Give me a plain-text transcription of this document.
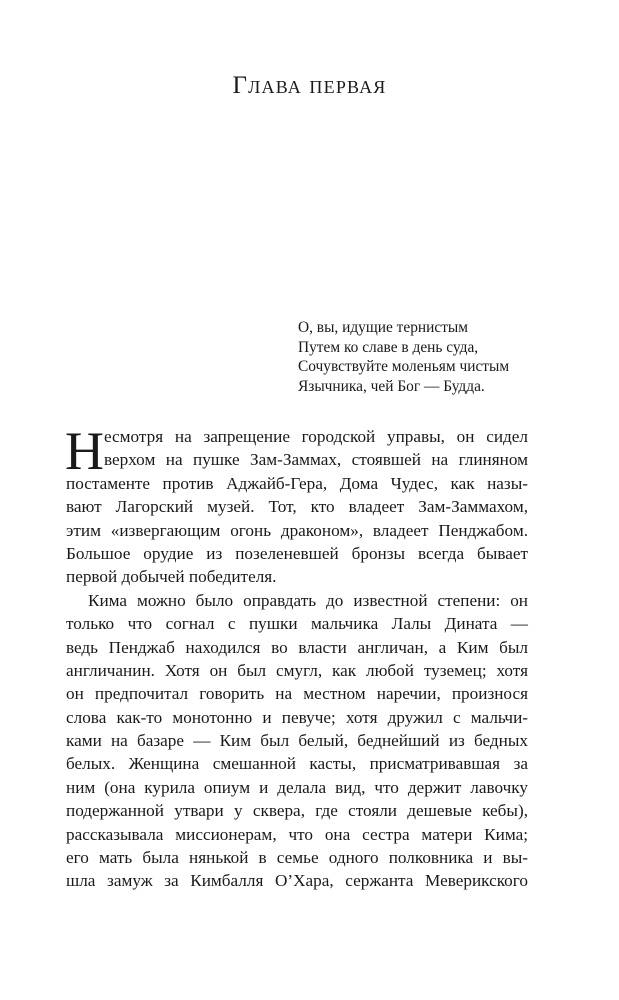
Глава первая
О, вы, идущие тернистым
Путем ко славе в день суда,
Сочувствуйте моленьям чистым
Язычника, чей Бог — Будда.
Н есмотря на запрещение городской управы, он сидел
верхом на пушке Зам-Заммах, стоявшей на глиняном
постаменте против Аджайб-Гера, Дома Чудес, как назы-
вают Лагорский музей. Тот, кто владеет Зам-Заммахом,
этим «извергающим огонь драконом», владеет Пенджабом.
Большое орудие из позеленевшей бронзы всегда бывает
первой добычей победителя.
Кима можно было оправдать до известной степени: он
только что согнал с пушки мальчика Лалы Дината —
ведь Пенджаб находился во власти англичан, а Ким был
англичанин. Хотя он был смугл, как любой туземец; хотя
он предпочитал говорить на местном наречии, произнося
слова как-то монотонно и певуче; хотя дружил с мальчи-
ками на базаре — Ким был белый, беднейший из бедных
белых. Женщина смешанной касты, присматривавшая за
ним (она курила опиум и делала вид, что держит лавочку
подержанной утвари у сквера, где стояли дешевые кебы),
рассказывала миссионерам, что она сестра матери Кима;
его мать была нянькой в семье одного полковника и вы-
шла замуж за Кимбалля О’Хара, сержанта Меверикского
